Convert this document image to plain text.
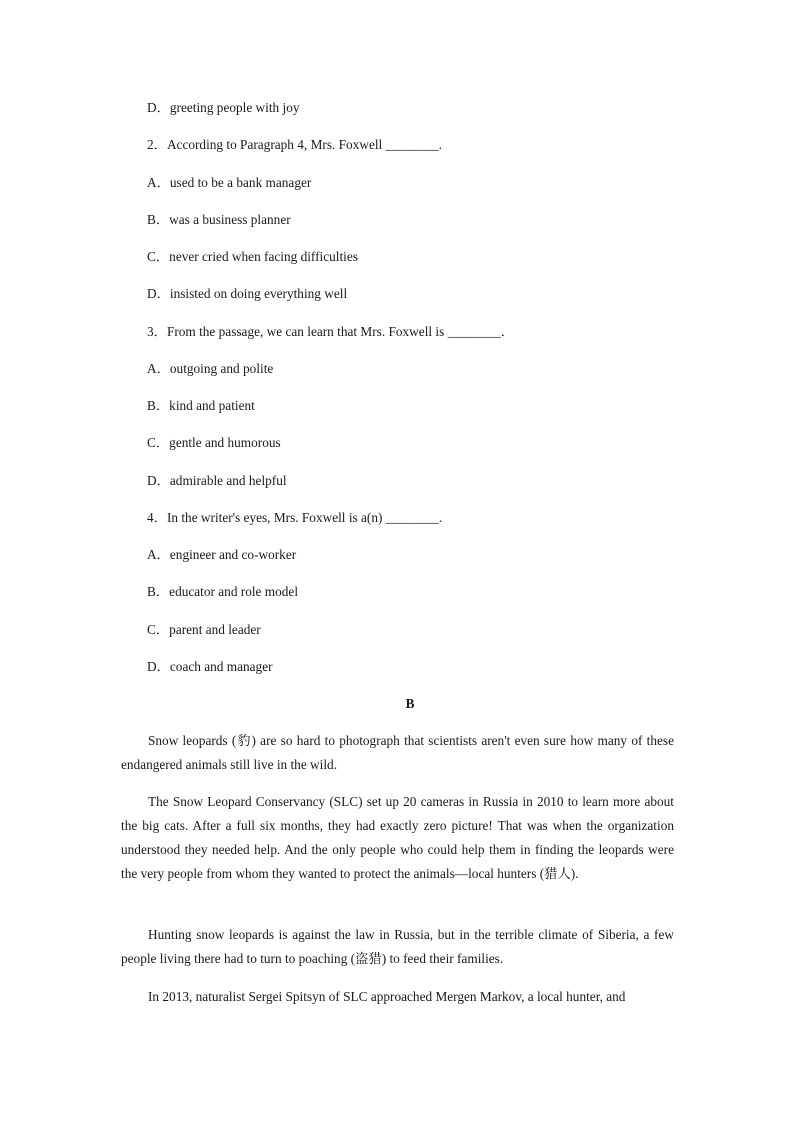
D．greeting people with joy
2．According to Paragraph 4, Mrs. Foxwell ________.
A．used to be a bank manager
B．was a business planner
C．never cried when facing difficulties
D．insisted on doing everything well
3．From the passage, we can learn that Mrs. Foxwell is ________．
A．outgoing and polite
B．kind and patient
C．gentle and humorous
D．admirable and helpful
4．In the writer's eyes, Mrs. Foxwell is a(n) ________.
A．engineer and co-worker
B．educator and role model
C．parent and leader
D．coach and manager
B
Snow leopards (豹) are so hard to photograph that scientists aren't even sure how many of these endangered animals still live in the wild.
The Snow Leopard Conservancy (SLC) set up 20 cameras in Russia in 2010 to learn more about the big cats. After a full six months, they had exactly zero picture! That was when the organization understood they needed help. And the only people who could help them in finding the leopards were the very people from whom they wanted to protect the animals—local hunters (猎人).
Hunting snow leopards is against the law in Russia, but in the terrible climate of Siberia, a few people living there had to turn to poaching (盗猎) to feed their families.
In 2013, naturalist Sergei Spitsyn of SLC approached Mergen Markov, a local hunter, and
